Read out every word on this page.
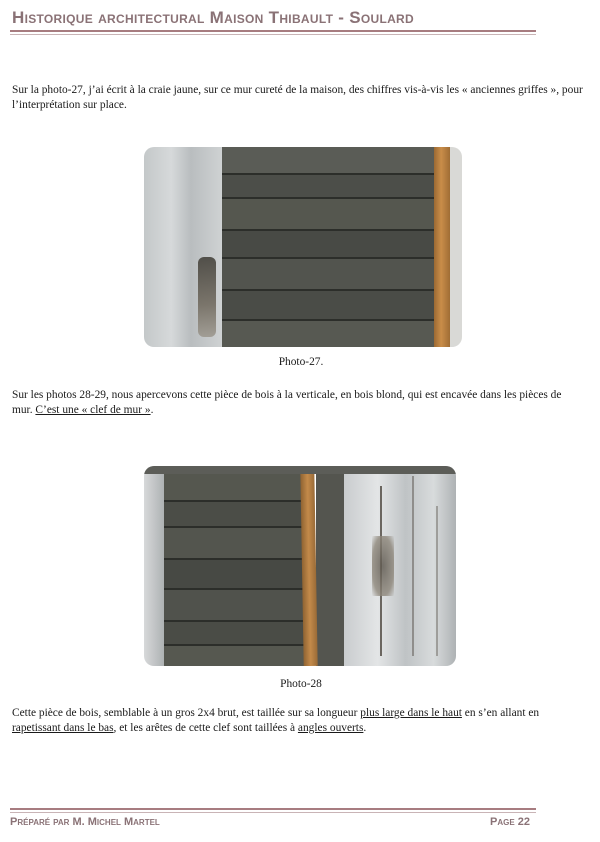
Historique architectural Maison Thibault - Soulard
Sur la photo-27, j’ai écrit à la craie jaune, sur ce mur cureté de la maison, des chiffres vis-à-vis les « anciennes griffes », pour l’interprétation sur place.
Photo-27.
Sur les photos 28-29, nous apercevons cette pièce de bois à la verticale, en bois blond, qui est encavée dans les pièces de mur. C’est une « clef de mur ».
Photo-28
Cette pièce de bois, semblable à un gros 2x4 brut, est taillée sur sa longueur plus large dans le haut en s’en allant en rapetissant dans le bas, et les arêtes de cette clef sont taillées à angles ouverts.
Préparé par M. Michel Martel	Page 22
